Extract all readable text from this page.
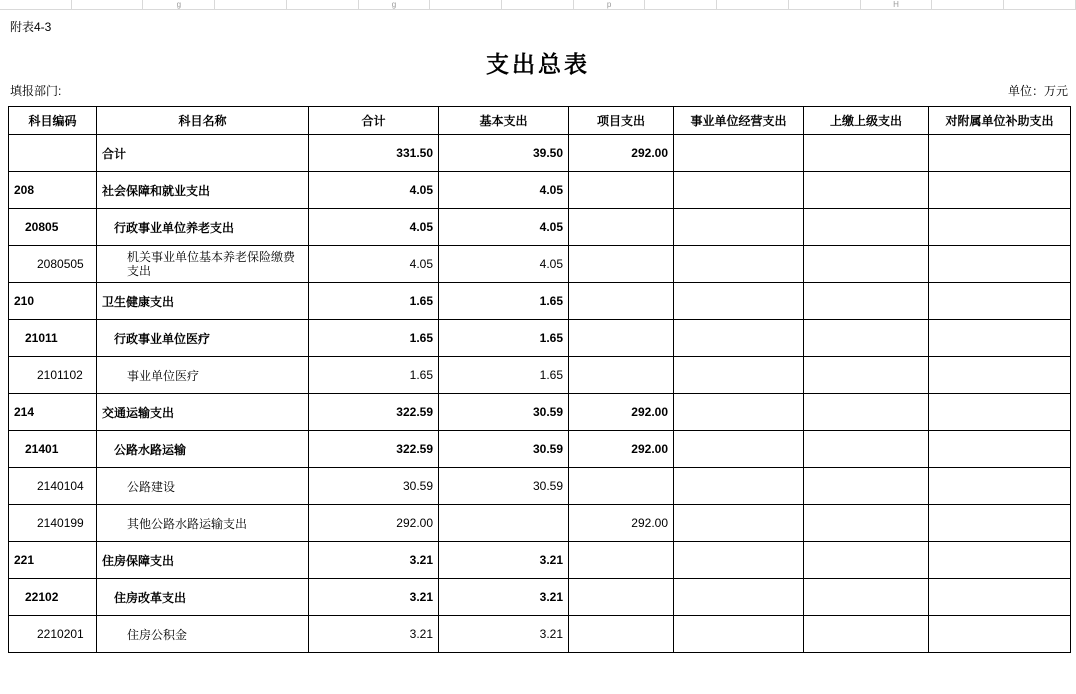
g	g	p	H
附表4-3
支出总表
填报部门:	单位：万元
科目编码	科目名称	合计	基本支出	项目支出	事业单位经营支出	上缴上级支出	对附属单位补助支出
	合计	331.50	39.50	292.00			
208	社会保障和就业支出	4.05	4.05				
20805	行政事业单位养老支出	4.05	4.05				
2080505	机关事业单位基本养老保险缴费支出	4.05	4.05				
210	卫生健康支出	1.65	1.65				
21011	行政事业单位医疗	1.65	1.65				
2101102	事业单位医疗	1.65	1.65				
214	交通运输支出	322.59	30.59	292.00			
21401	公路水路运输	322.59	30.59	292.00			
2140104	公路建设	30.59	30.59				
2140199	其他公路水路运输支出	292.00		292.00			
221	住房保障支出	3.21	3.21				
22102	住房改革支出	3.21	3.21				
2210201	住房公积金	3.21	3.21				
